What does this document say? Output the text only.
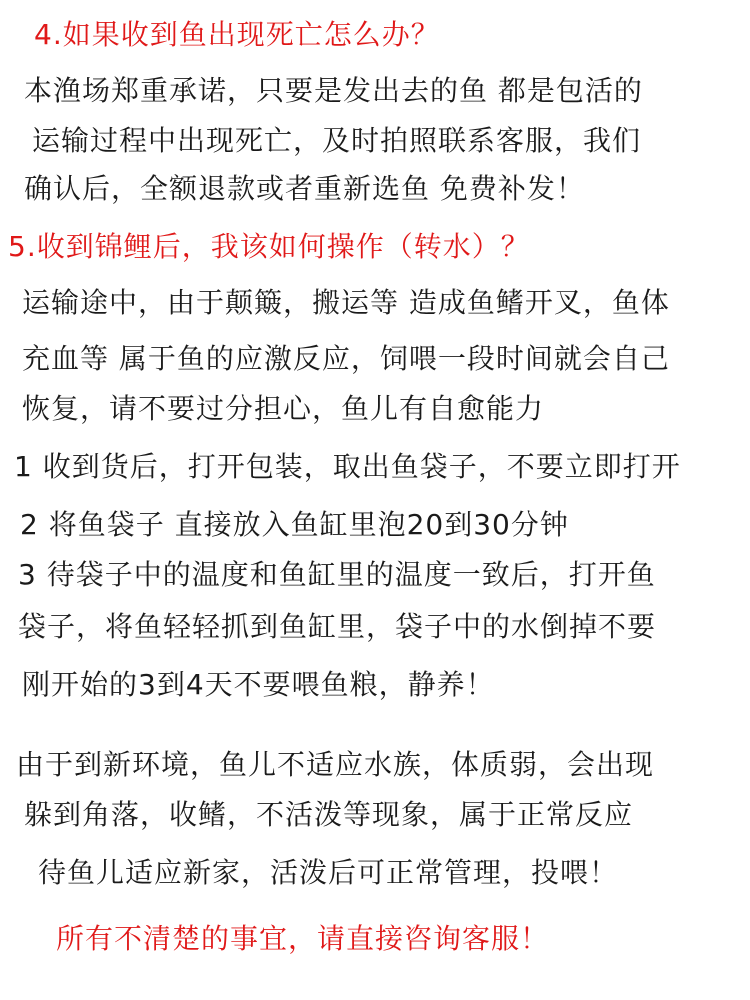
4.如果收到鱼出现死亡怎么办？
本渔场郑重承诺，只要是发出去的鱼 都是包活的
运输过程中出现死亡，及时拍照联系客服，我们
确认后，全额退款或者重新选鱼 免费补发！
5.收到锦鲤后，我该如何操作（转水）？
运输途中，由于颠簸，搬运等 造成鱼鳍开叉，鱼体
充血等 属于鱼的应激反应，饲喂一段时间就会自己
恢复，请不要过分担心，鱼儿有自愈能力
1 收到货后，打开包装，取出鱼袋子，不要立即打开
2 将鱼袋子 直接放入鱼缸里泡20到30分钟
3 待袋子中的温度和鱼缸里的温度一致后，打开鱼
袋子，将鱼轻轻抓到鱼缸里，袋子中的水倒掉不要
刚开始的3到4天不要喂鱼粮，静养！
由于到新环境，鱼儿不适应水族，体质弱，会出现
躲到角落，收鳍，不活泼等现象，属于正常反应
待鱼儿适应新家，活泼后可正常管理，投喂！
所有不清楚的事宜，请直接咨询客服！
